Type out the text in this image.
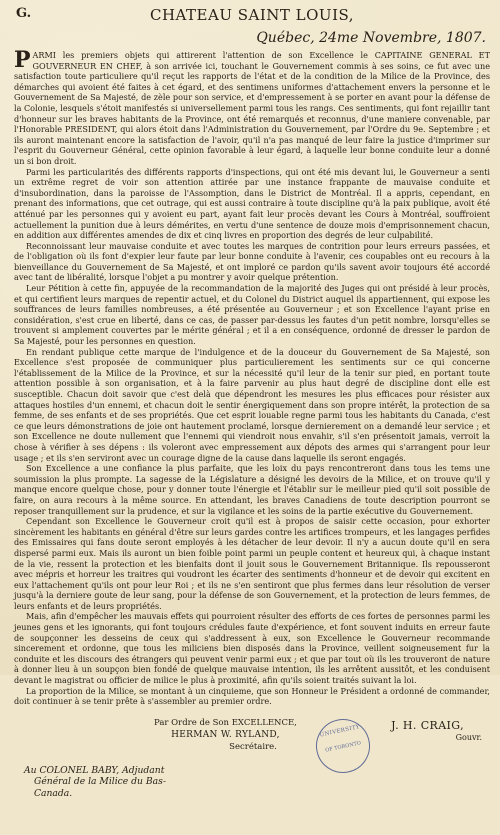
G.	CHATEAU SAINT LOUIS,
Québec, 24me Novembre, 1807.

PARMI les premiers objets qui attirerent l'attention de son Excellence le CAPITAINE GENERAL ET GOUVERNEUR EN CHEF, à son arrivée ici, touchant le Gouvernement commis à ses soins, ce fut avec une satisfaction toute particuliere qu'il reçut les rapports de l'état et de la condition de la Milice de la Province, des démarches qui avoient été faites à cet égard, et des sentimens uniformes d'attachement envers la personne et le Gouvernement de Sa Majesté, de zèle pour son service, et d'empressement à se porter en avant pour la défense de la Colonie, lesquels s'étoit manifestés si universellement parmi tous les rangs. Ces sentiments, qui font rejaillir tant d'honneur sur les braves habitants de la Province, ont été remarqués et reconnus, d'une maniere convenable, par l'Honorable PRESIDENT, qui alors étoit dans l'Administration du Gouvernement, par l'Ordre du 9e. Septembre ; et ils auront maintenant encore la satisfaction de l'avoir, qu'il n'a pas manqué de leur faire la justice d'imprimer sur l'esprit du Gouverneur Général, cette opinion favorable à leur égard, à laquelle leur bonne conduite leur a donné un si bon droit.

Parmi les particularités des différents rapports d'inspections, qui ont été mis devant lui, le Gouverneur a senti un extrême regret de voir son attention attirée par une instance frappante de mauvaise conduite et d'insubordination, dans la paroisse de l'Assomption, dans le District de Montréal. Il a appris, cependant, en prenant des informations, que cet outrage, qui est aussi contraire à toute discipline qu'à la paix publique, avoit été atténué par les personnes qui y avoient eu part, ayant fait leur procès devant les Cours à Montréal, souffroient actuellement la punition due à leurs démérites, en vertu d'une sentence de douze mois d'emprisonnement chacun, en addition aux différentes amendes de dix et cinq livres en proportion des degrés de leur culpabilité.

Reconnoissant leur mauvaise conduite et avec toutes les marques de contrition pour leurs erreurs passées, et de l'obligation où ils font d'expier leur faute par leur bonne conduite à l'avenir, ces coupables ont eu recours à la bienveillance du Gouvernement de Sa Majesté, et ont imploré ce pardon qu'ils savent avoir toujours été accordé avec tant de libéralité, lorsque l'objet a pu montrer y avoir quelque prétention.

Leur Pétition à cette fin, appuyée de la recommandation de la majorité des Juges qui ont présidé à leur procès, et qui certifient leurs marques de repentir actuel, et du Colonel du District auquel ils appartiennent, qui expose les souffrances de leurs familles nombreuses, a été présentée au Gouverneur ; et son Excellence l'ayant prise en considération, s'est crue en liberté, dans ce cas, de passer par-dessus les fautes d'un petit nombre, lorsqu'elles se trouvent si amplement couvertes par le mérite général ; et il a en conséquence, ordonné de dresser le pardon de Sa Majesté, pour les personnes en question.

En rendant publique cette marque de l'indulgence et de la douceur du Gouvernement de Sa Majesté, son Excellence s'est proposée de communiquer plus particulierement les sentiments sur ce qui concerne l'établissement de la Milice de la Province, et sur la nécessité qu'il leur de la tenir sur pied, en portant toute attention possible à son organisation, et à la faire parvenir au plus haut degré de discipline dont elle est susceptible. Chacun doit savoir que c'est delà que dépendront les mesures les plus efficaces pour résister aux attaques hostiles d'un ennemi, et chacun doit le sentir énergiquement dans son propre intérêt, la protection de sa femme, de ses enfants et de ses propriétés. Que cet esprit louable regne parmi tous les habitants du Canada, c'est ce que leurs démonstrations de joie ont hautement proclamé, lorsque dernierement on a demandé leur service ; et son Excellence ne doute nullement que l'ennemi qui viendroit nous envahir, s'il s'en présentoit jamais, verroit la chose à vérifier à ses dépens : ils voleront avec empressement aux dépots des armes qui s'arrangent pour leur usage ; et ils s'en serviront avec un courage digne de la cause dans laquelle ils seront engagés.

Son Excellence a une confiance la plus parfaite, que les loix du pays rencontreront dans tous les tems une soumission la plus prompte. La sagesse de la Législature a désigné les devoirs de la Milice, et on trouve qu'il y manque encore quelque chose, pour y donner toute l'énergie et l'établir sur le meilleur pied qu'il soit possible de faire, on aura recours à la même source. En attendant, les braves Canadiens de toute description pourront se reposer tranquillement sur la prudence, et sur la vigilance et les soins de la partie exécutive du Gouvernement.

Cependant son Excellence le Gouverneur croit qu'il est à propos de saisir cette occasion, pour exhorter sincèrement les habitants en général d'être sur leurs gardes contre les artifices trompeurs, et les langages perfides des Emissaires qui fans doute seront employés à les détacher de leur devoir. Il n'y a aucun doute qu'il en sera dispersé parmi eux. Mais ils auront un bien foible point parmi un peuple content et heureux qui, à chaque instant de la vie, ressent la protection et les bienfaits dont il jouit sous le Gouvernement Britannique. Ils repousseront avec mépris et horreur les traitres qui voudront les écarter des sentiments d'honneur et de devoir qui excitent en eux l'attachement qu'ils ont pour leur Roi ; et ils ne s'en sentiront que plus fermes dans leur résolution de verser jusqu'à la derniere goute de leur sang, pour la défense de son Gouvernement, et la protection de leurs femmes, de leurs enfants et de leurs propriétés.

Mais, afin d'empêcher les mauvais effets qui pourroient résulter des efforts de ces fortes de personnes parmi les jeunes gens et les ignorants, qui font toujours crédules faute d'expérience, et font souvent induits en erreur faute de soupçonner les desseins de ceux qui s'addressent à eux, son Excellence le Gouverneur recommande sincerement et ordonne, que tous les miliciens bien disposés dans la Province, veillent soigneusement fur la conduite et les discours des étrangers qui peuvent venir parmi eux ; et que par tout où ils les trouveront de nature à donner lieu à un soupçon bien fondé de quelque mauvaise intention, ils les arrêtent aussitôt, et les conduisent devant le magistrat ou officier de milice le plus à proximité, afin qu'ils soient traités suivant la loi.

La proportion de la Milice, se montant à un cinquieme, que son Honneur le Président a ordonné de commander, doit continuer à se tenir prête à s'assembler au premier ordre.

Par Ordre de Son EXCELLENCE,
HERMAN W. RYLAND,
Secrétaire.
UNIVERSITY
OF TORONTO
J. H. CRAIG,
Gouvr.
Au COLONEL BABY, Adjudant
Général de la Milice du Bas-
Canada.
